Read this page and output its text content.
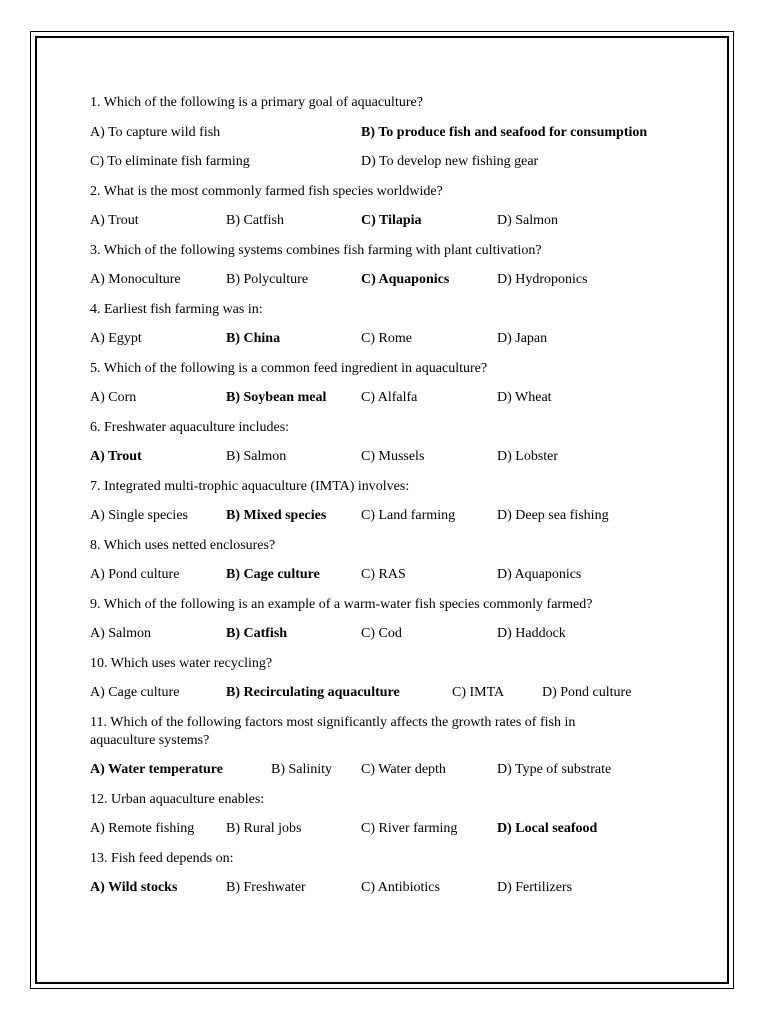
1. Which of the following is a primary goal of aquaculture?
A) To capture wild fish	B) To produce fish and seafood for consumption
C) To eliminate fish farming	D) To develop new fishing gear
2. What is the most commonly farmed fish species worldwide?
A) Trout	B) Catfish	C) Tilapia	D) Salmon
3. Which of the following systems combines fish farming with plant cultivation?
A) Monoculture	B) Polyculture	C) Aquaponics	D) Hydroponics
4. Earliest fish farming was in:
A) Egypt	B) China	C) Rome	D) Japan
5. Which of the following is a common feed ingredient in aquaculture?
A) Corn	B) Soybean meal C) Alfalfa	D) Wheat
6. Freshwater aquaculture includes:
A) Trout	B) Salmon	C) Mussels	D) Lobster
7. Integrated multi-trophic aquaculture (IMTA) involves:
A) Single species	B) Mixed species C) Land farming	D) Deep sea fishing
8. Which uses netted enclosures?
A) Pond culture	B) Cage culture	C) RAS	D) Aquaponics
9. Which of the following is an example of a warm-water fish species commonly farmed?
A) Salmon	B) Catfish	C) Cod	D) Haddock
10. Which uses water recycling?
A) Cage culture	B) Recirculating aquaculture	C) IMTA	D) Pond culture
11. Which of the following factors most significantly affects the growth rates of fish in aquaculture systems?
A) Water temperature	B) Salinity C) Water depth	D) Type of substrate
12. Urban aquaculture enables:
A) Remote fishing B) Rural jobs	C) River farming	D) Local seafood
13. Fish feed depends on:
A) Wild stocks	B) Freshwater	C) Antibiotics	D) Fertilizers
